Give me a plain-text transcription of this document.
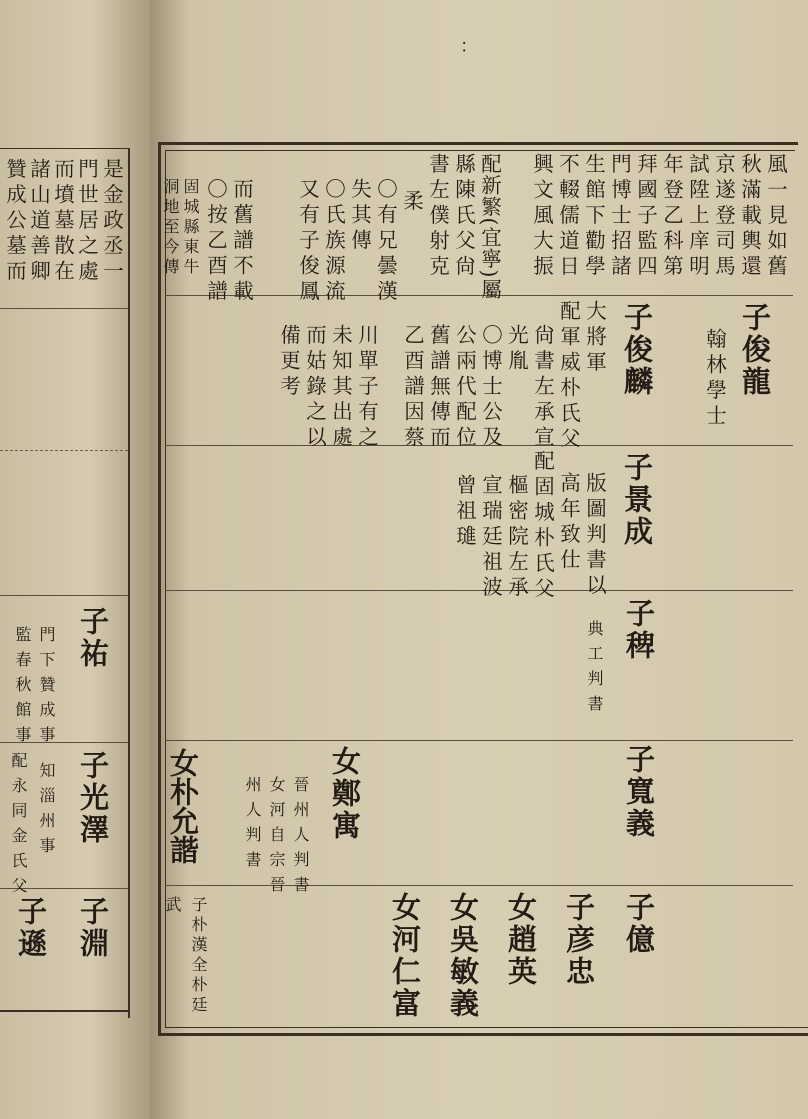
是金政丞一
門世居之處
而墳墓散在
諸山道善卿
贊成公墓而
子祐
門下贊成事
監春秋館事
子光澤
知淄州事
配永同金氏父
子淵
子遜
：
風一見如舊
秋滿載輿還
京遂登司馬
試陞上庠明
年登乙科第
拜國子監四
門博士招諸
生館下勸學
不輟儒道日
興文風大振
配新繁(宜寧)屬
縣陳氏父尙
書左僕射克
柔
〇有兄曇漢
失其傳
〇氏族源流
又有子俊鳳
而舊譜不載
〇按乙酉譜
固城縣東牛
洞地至今傳
子俊龍
翰林學士
子俊麟
大將軍
配軍威朴氏父
尙書左承宣
光胤
〇博士公及
公兩代配位
舊譜無傳而
乙酉譜因蔡
川單子有之
未知其出處
而姑錄之以
備更考
子景成
版圖判書以
高年致仕
配固城朴氏父
樞密院左承
宣瑞廷祖波
曾祖璡
子稗
典工判書
子寬義
女鄭寓
晉州人判書
女河自宗晉
州人判書
女朴允諧
子億
子彦忠
女趙英
女吳敏義
女河仁富
子朴漢全朴廷
武
